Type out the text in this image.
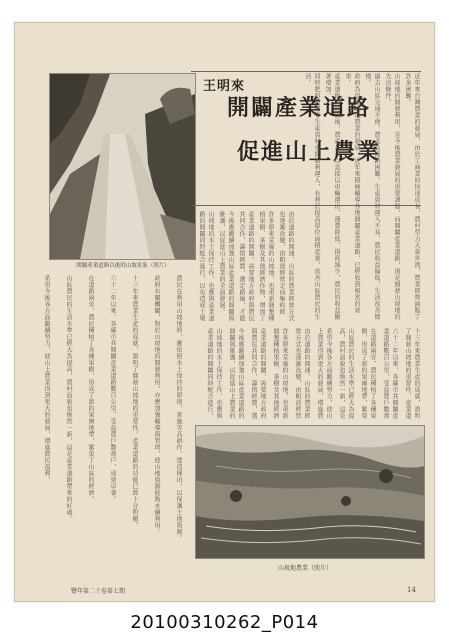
開闢產業道路以後的山坡景象（照片）
王明來
開闢產業道路
促進山上農業	近年來台灣農業的發展，由於工商業的快速成長，農村勞力大量外流，農業經營面臨了許多困難。
山坡地的開發利用，是今後農業發展的重要課題，而開闢產業道路，則是開發山坡地的先決條件。
過去山區交通不便，農產品運銷困難，生產資材運入不易，農民收益偏低，生活改善緩慢。
政府為促進山地農業的發展，近年來積極輔導各地開闢產業道路，已經收到相當的效果。
產業道路開通以後，農產品可以直接以車輛運出，運費降低，損耗減少，農民的收益顯著增加。
同時肥料農藥等生產資材也能順利運入，有利於提高單位面積產量，改善山區農民的生活。
由於道路的開通，山區的農業經營方式也逐漸改變，由粗放經營走向集約經
許多原來荒廢的山坡地，也重新開墾種植果樹、茶樹及其他經濟作物，增加了
產業道路的開闢，需要地方政府與農民共同合作，籌措經費，選定路線，才能
今後應繼續加強山區產業道路的開闢與維護，以促進山上農業的全面發展。
山坡地的水土保持工作，也應與產業道路的開闢同時配合進行，以免造成土壤
農民在利用山坡地時，應依照水土保持的原則，實施等高耕作，建造梯田，以保護土地資源。
政府有關機關，對於山坡地的開發利用，亦應加強輔導與管理，使山地資源能夠永續利用。
十三年來農業生產的成就，證明了開發山坡地的重要性，產業道路的功能已經十分明顯。
六十二年以來，各縣市共開闢產業道路數百公里，受益農戶數萬戶，成效卓著。
在道路兩旁，農民種植了各種果樹，形成了新的果園地帶，繁榮了山區的經濟。
山區農民的生活水準已經大為提高，農村面貌也煥然一新，這是產業道路帶來的好處。
希望今後各方面繼續努力，使山上農業得到更大的發展，增進農民福利。	十三年來農業生產的成就，證明了開發山坡地的重要性，產業道
六十二年以來，各縣市共開闢產業道路數百公里，受益農戶數萬
在道路兩旁，農民種植了各種果樹，形成了新的果園地帶，繁榮
山區農民的生活水準已經大為提高，農村面貌也煥然一新，這是
希望今後各方面繼續努力，使山上農業得到更大的發展，增進農
由於道路的開通，山區的農業經營方式也逐漸改變，由粗放經營
許多原來荒廢的山坡地，也重新開墾種植果樹、茶樹及其他經濟
產業道路的開闢，需要地方政府與農民共同合作，籌措經費，選
今後應繼續加強山區產業道路的開闢與維護，以促進山上農業的
山坡地的水土保持工作，也應與產業道路的開闢同時配合進行，
山坡地農業（照片）
豐年第二十卷第七期	14
20100310262_P014
